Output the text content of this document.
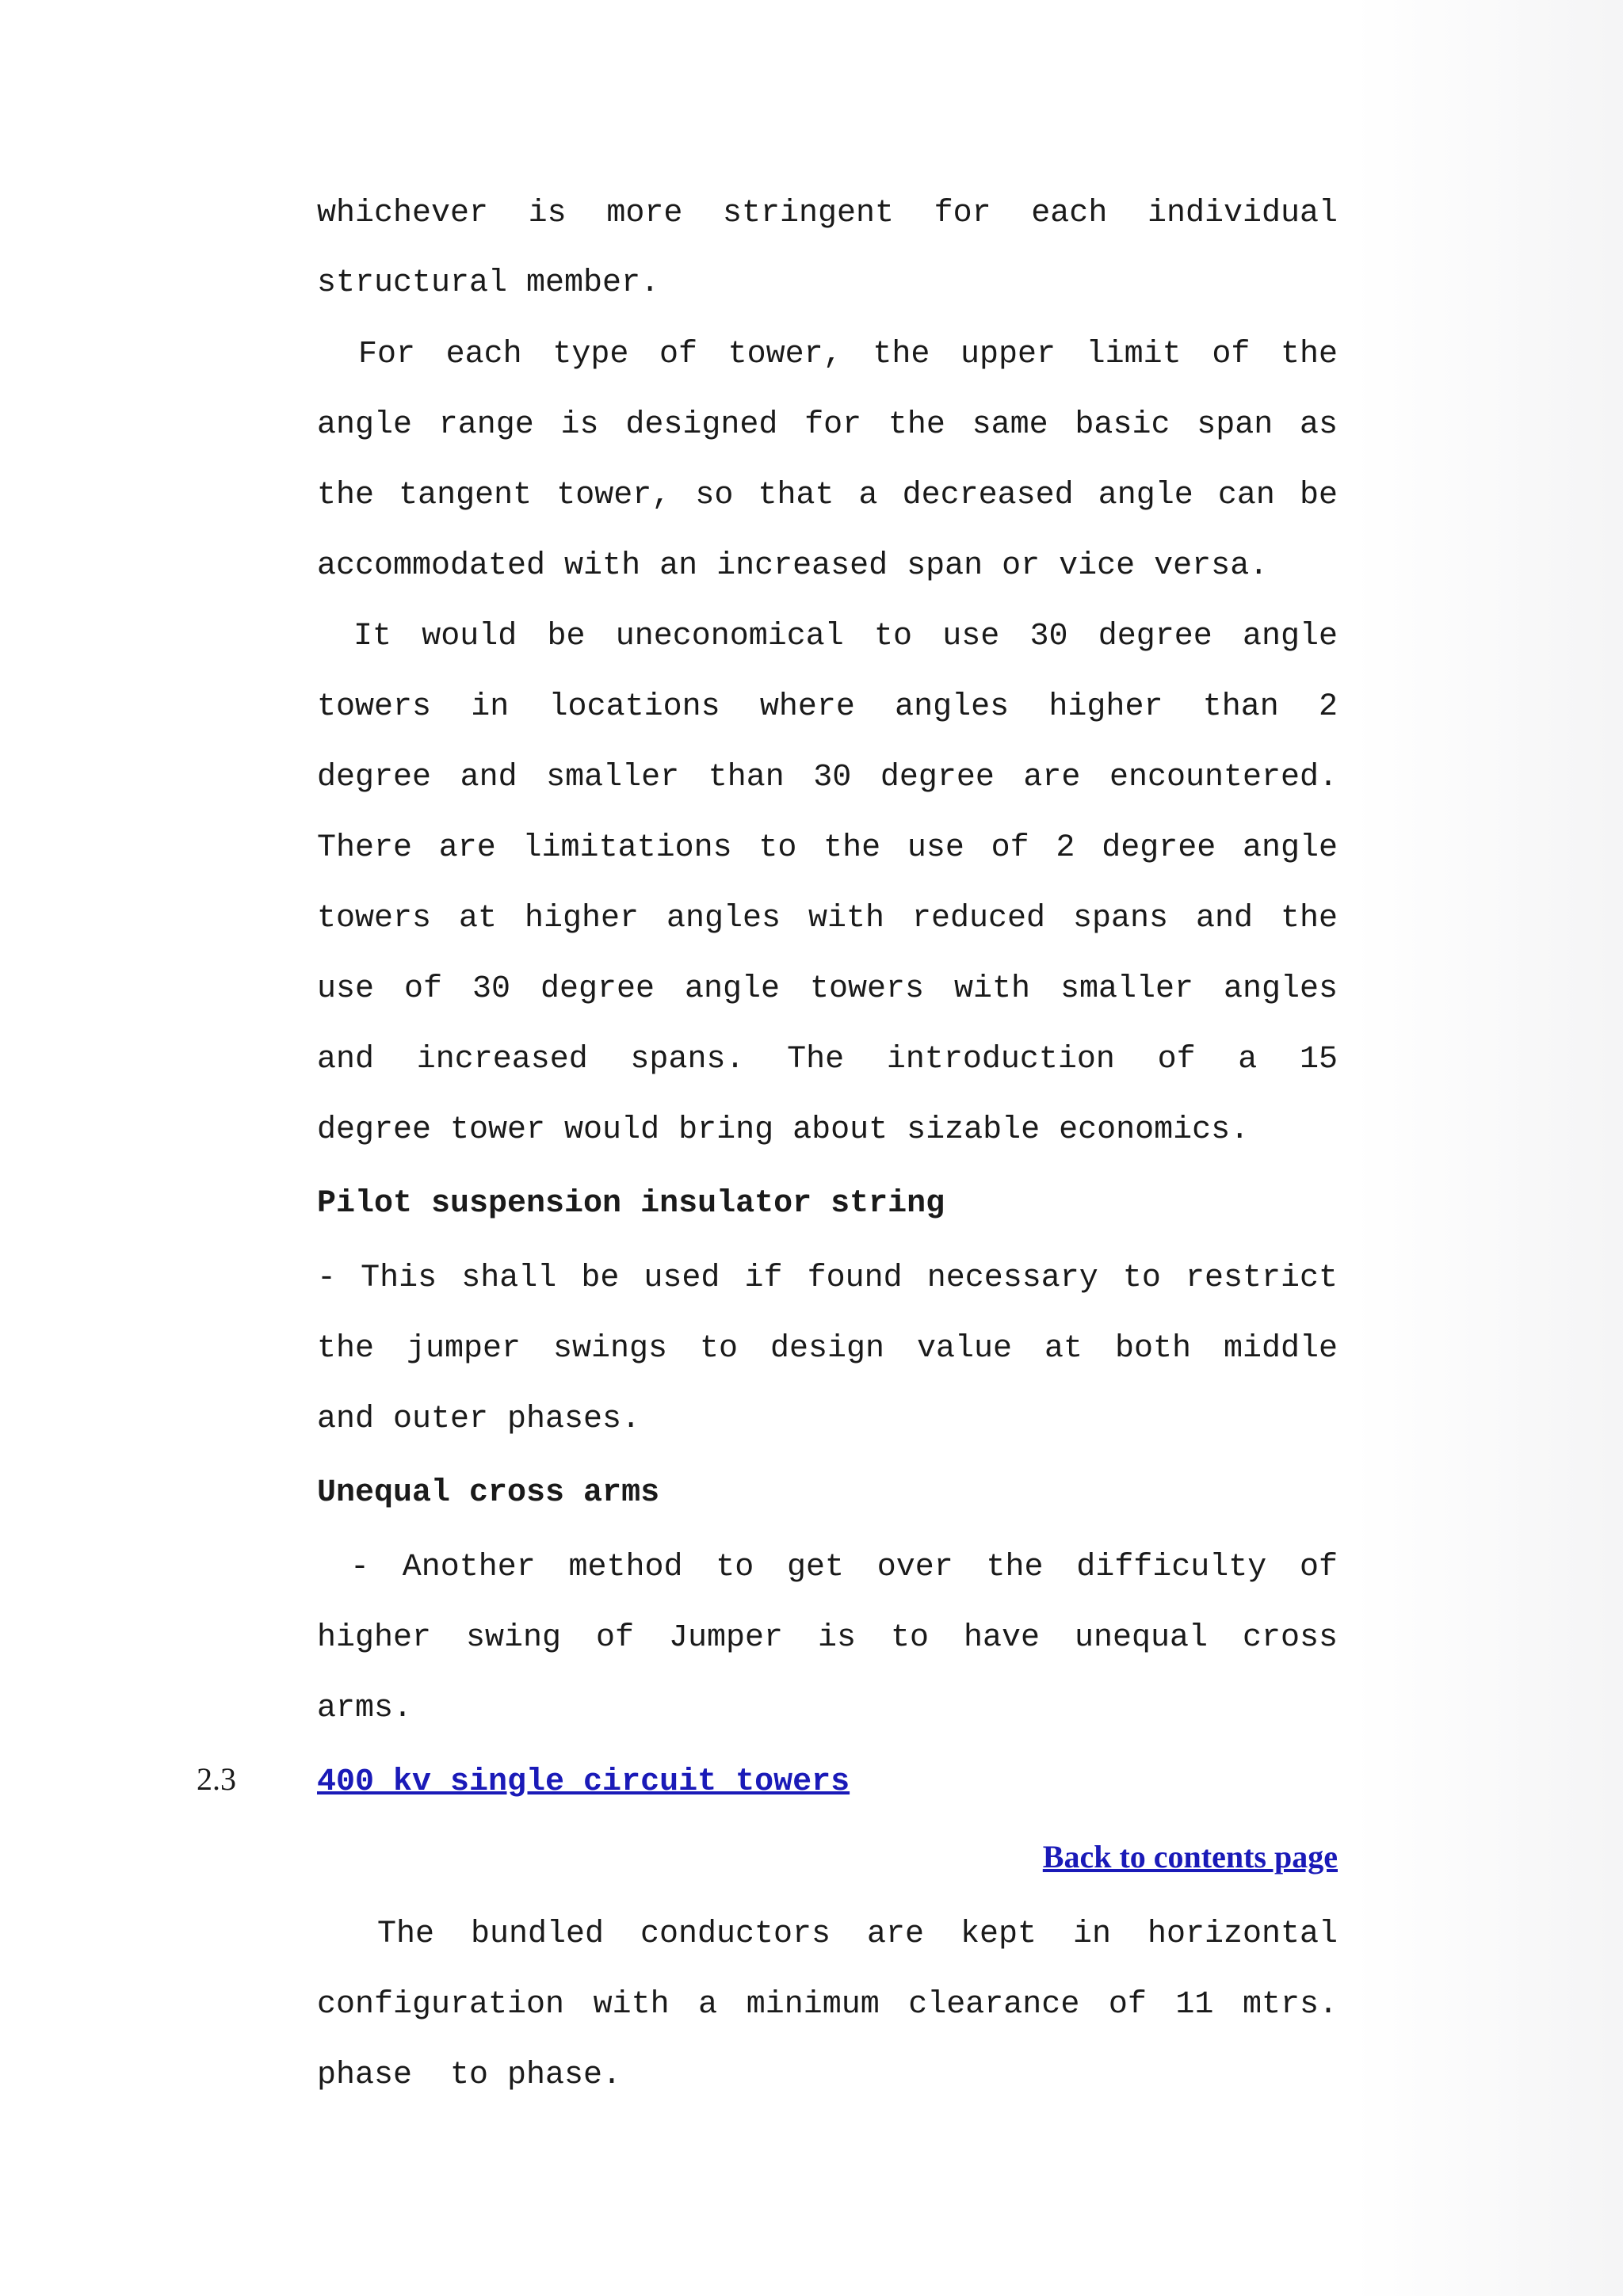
whichever is more stringent for each individual
structural member.
For each type of tower, the upper limit of the
angle range is designed for the same basic span as
the tangent tower, so that a decreased angle can be
accommodated with an increased span or vice versa.
It would be uneconomical to use 30 degree angle
towers in locations where angles higher than 2
degree and smaller than 30 degree are encountered.
There are limitations to the use of 2 degree angle
towers at higher angles with reduced spans and the
use of 30 degree angle towers with smaller angles
and increased spans. The introduction of a 15
degree tower would bring about sizable economics.
Pilot suspension insulator string
- This shall be used if found necessary to restrict
the jumper swings to design value at both middle
and outer phases.
Unequal cross arms
- Another method to get over the difficulty of
higher swing of Jumper is to have unequal cross
arms.
2.3	400 kv single circuit towers
Back to contents page
The bundled conductors are kept in horizontal
configuration with a minimum clearance of 11 mtrs.
phase  to phase.
